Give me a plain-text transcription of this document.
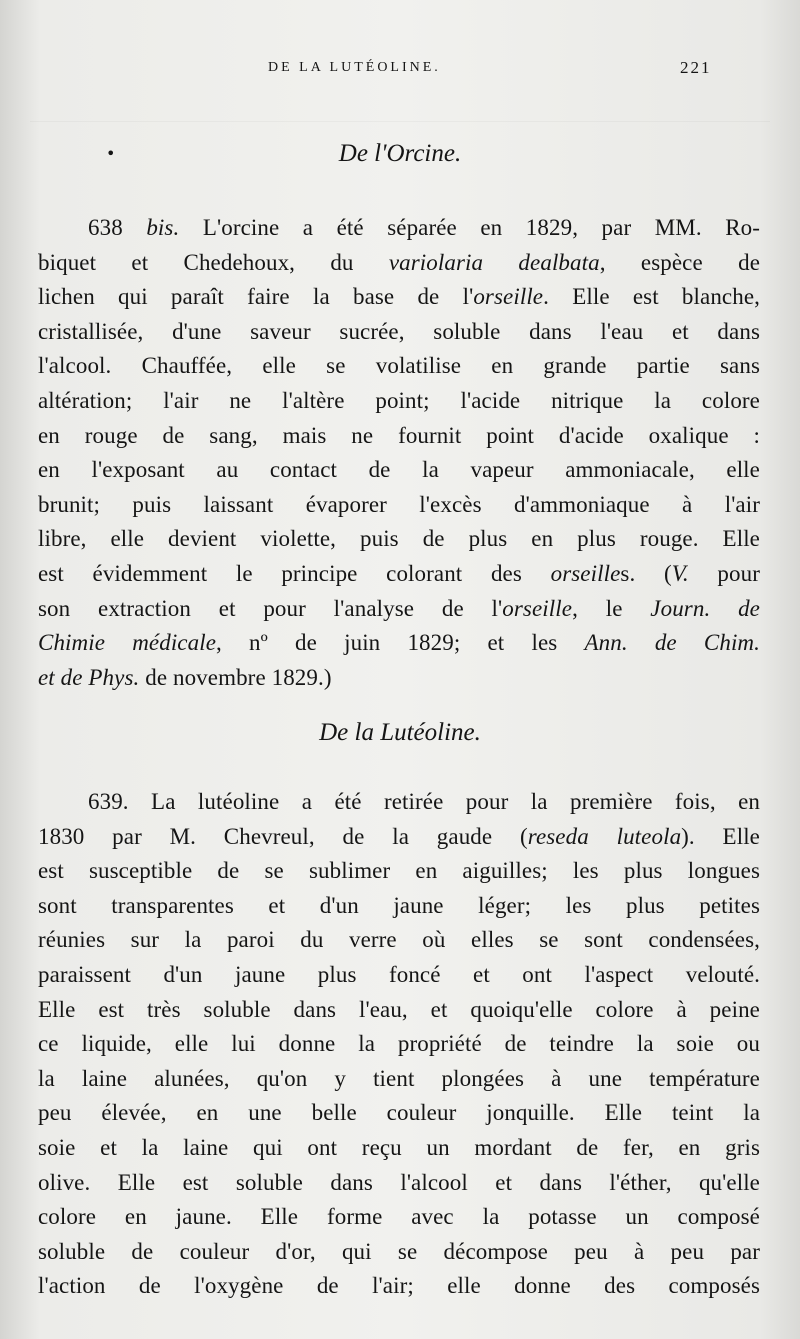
DE LA LUTÉOLINE.	221
•	De l'Orcine.
638 bis. L'orcine a été séparée en 1829, par MM. Ro-
biquet et Chedehoux, du variolaria dealbata, espèce de
lichen qui paraît faire la base de l'orseille. Elle est blanche,
cristallisée, d'une saveur sucrée, soluble dans l'eau et dans
l'alcool. Chauffée, elle se volatilise en grande partie sans
altération; l'air ne l'altère point; l'acide nitrique la colore
en rouge de sang, mais ne fournit point d'acide oxalique :
en l'exposant au contact de la vapeur ammoniacale, elle
brunit; puis laissant évaporer l'excès d'ammoniaque à l'air
libre, elle devient violette, puis de plus en plus rouge. Elle
est évidemment le principe colorant des orseilles. (V. pour
son extraction et pour l'analyse de l'orseille, le Journ. de
Chimie médicale, nº de juin 1829; et les Ann. de Chim.
et de Phys. de novembre 1829.)
De la Lutéoline.
639. La lutéoline a été retirée pour la première fois, en
1830 par M. Chevreul, de la gaude (reseda luteola). Elle
est susceptible de se sublimer en aiguilles; les plus longues
sont transparentes et d'un jaune léger; les plus petites
réunies sur la paroi du verre où elles se sont condensées,
paraissent d'un jaune plus foncé et ont l'aspect velouté.
Elle est très soluble dans l'eau, et quoiqu'elle colore à peine
ce liquide, elle lui donne la propriété de teindre la soie ou
la laine alunées, qu'on y tient plongées à une température
peu élevée, en une belle couleur jonquille. Elle teint la
soie et la laine qui ont reçu un mordant de fer, en gris
olive. Elle est soluble dans l'alcool et dans l'éther, qu'elle
colore en jaune. Elle forme avec la potasse un composé
soluble de couleur d'or, qui se décompose peu à peu par
l'action de l'oxygène de l'air; elle donne des composés
